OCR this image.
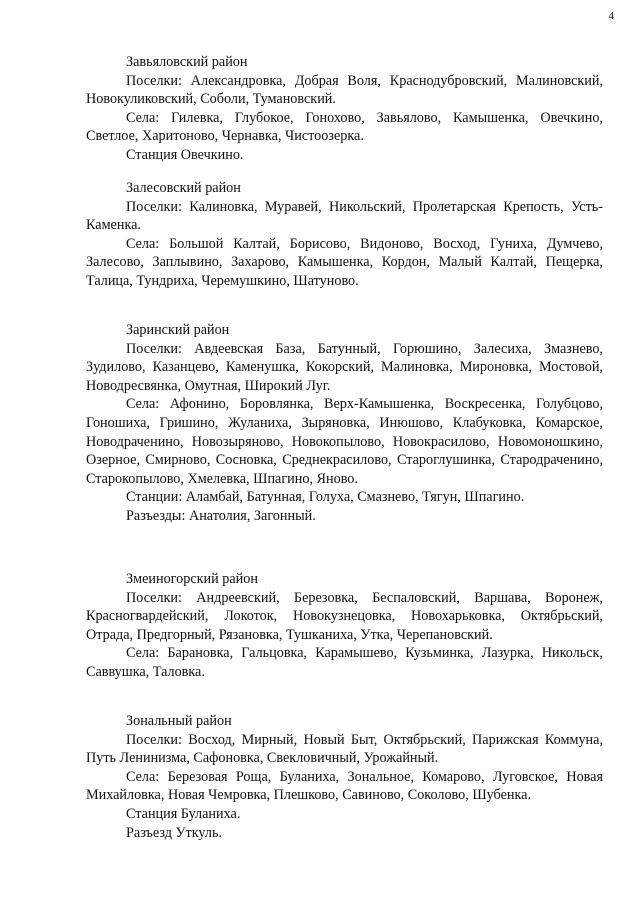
4
Завьяловский район

Поселки: Александровка, Добрая Воля, Краснодубровский, Малиновский, Новокуликовский, Соболи, Тумановский.

Села: Гилевка, Глубокое, Гонохово, Завьялово, Камышенка, Овечкино, Светлое, Харитоново, Чернавка, Чистоозерка.

Станция Овечкино.

Залесовский район

Поселки: Калиновка, Муравей, Никольский, Пролетарская Крепость, Усть-Каменка.

Села: Большой Калтай, Борисово, Видоново, Восход, Гуниха, Думчево, Залесово, Заплывино, Захарово, Камышенка, Кордон, Малый Калтай, Пещерка, Талица, Тундриха, Черемушкино, Шатуново.

Заринский район

Поселки: Авдеевская База, Батунный, Горюшино, Залесиха, Змазнево, Зудилово, Казанцево, Каменушка, Кокорский, Малиновка, Мироновка, Мостовой, Новодресвянка, Омутная, Широкий Луг.

Села: Афонино, Боровлянка, Верх-Камышенка, Воскресенка, Голубцово, Гоношиха, Гришино, Жуланиха, Зыряновка, Инюшово, Клабуковка, Комарское, Новодраченино, Новозыряново, Новокопылово, Новокрасилово, Новомоношкино, Озерное, Смирново, Сосновка, Среднекрасилово, Староглушинка, Стародраченино, Старокопылово, Хмелевка, Шпагино, Яново.

Станции: Аламбай, Батунная, Голуха, Смазнево, Тягун, Шпагино.

Разъезды: Анатолия, Загонный.

Змеиногорский район

Поселки: Андреевский, Березовка, Беспаловский, Варшава, Воронеж, Красногвардейский, Локоток, Новокузнецовка, Новохарьковка, Октябрьский, Отрада, Предгорный, Рязановка, Тушканиха, Утка, Черепановский.

Села: Барановка, Гальцовка, Карамышево, Кузьминка, Лазурка, Никольск, Саввушка, Таловка.

Зональный район

Поселки: Восход, Мирный, Новый Быт, Октябрьский, Парижская Коммуна, Путь Ленинизма, Сафоновка, Свекловичный, Урожайный.

Села: Березовая Роща, Буланиха, Зональное, Комарово, Луговское, Новая Михайловка, Новая Чемровка, Плешково, Савиново, Соколово, Шубенка.

Станция Буланиха.

Разъезд Уткуль.
